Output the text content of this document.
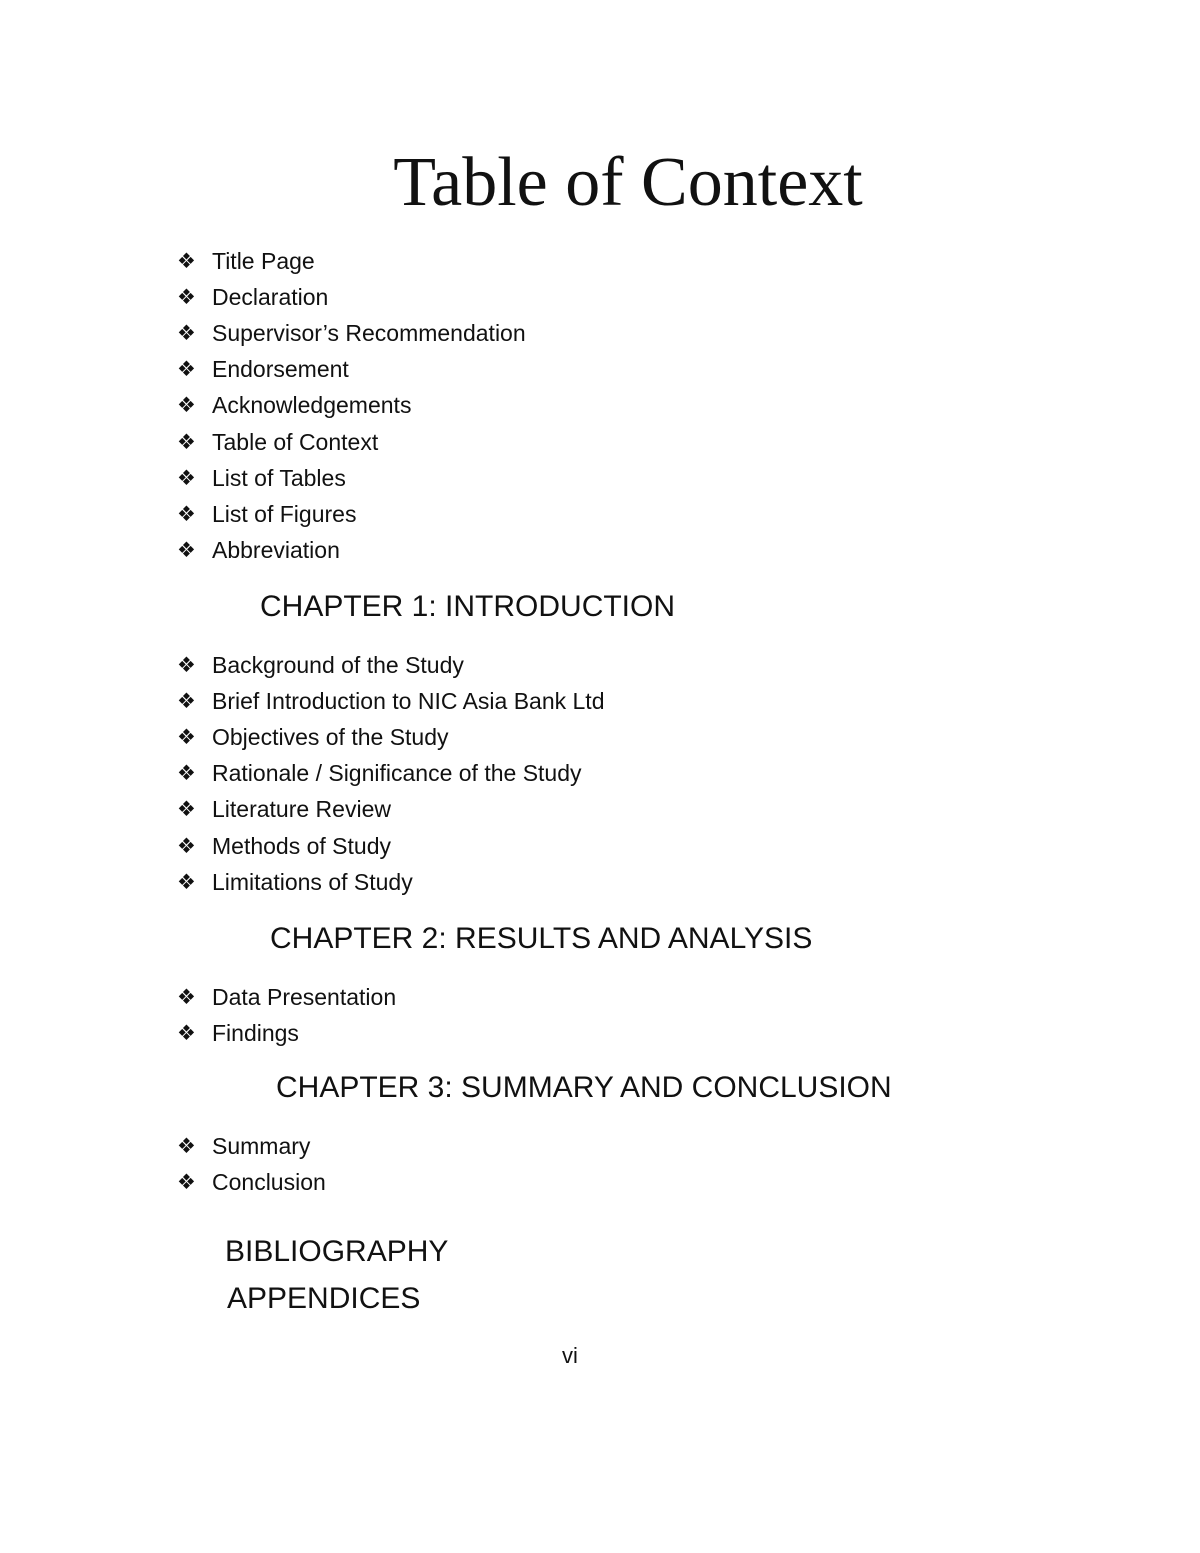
Table of Context
❖ Title Page
❖ Declaration
❖ Supervisor’s Recommendation
❖ Endorsement
❖ Acknowledgements
❖ Table of Context
❖ List of Tables
❖ List of Figures
❖ Abbreviation
CHAPTER 1: INTRODUCTION
❖ Background of the Study
❖ Brief Introduction to NIC Asia Bank Ltd
❖ Objectives of the Study
❖ Rationale / Significance of the Study
❖ Literature Review
❖ Methods of Study
❖ Limitations of Study
CHAPTER 2: RESULTS AND ANALYSIS
❖ Data Presentation
❖ Findings
CHAPTER 3: SUMMARY AND CONCLUSION
❖ Summary
❖ Conclusion
BIBLIOGRAPHY
APPENDICES
vi
